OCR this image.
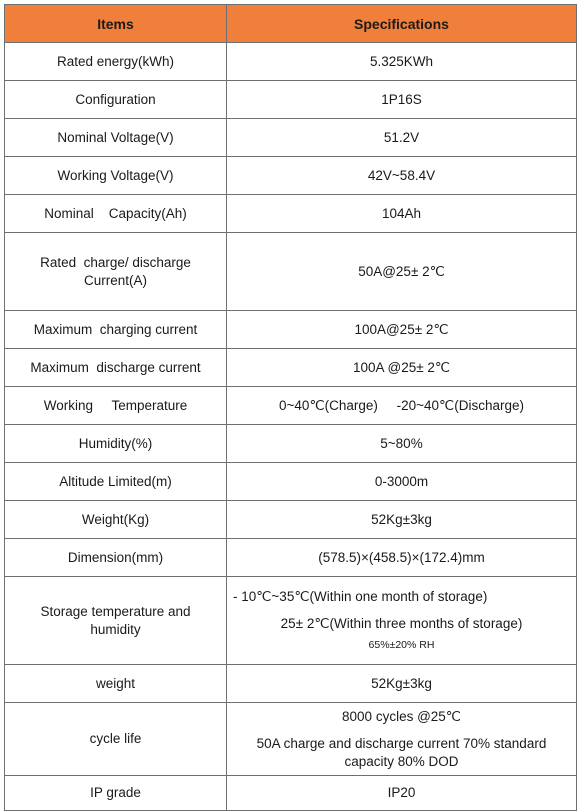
Items	Specifications
Rated energy(kWh)	5.325KWh
Configuration	1P16S
Nominal Voltage(V)	51.2V
Working Voltage(V)	42V~58.4V
Nominal    Capacity(Ah)	104Ah
Rated  charge/ discharge Current(A)	50A@25± 2℃
Maximum  charging current	100A@25± 2℃
Maximum  discharge current	100A @25± 2℃
Working     Temperature	0~40℃(Charge)     -20~40℃(Discharge)
Humidity(%)	5~80%
Altitude Limited(m)	0-3000m
Weight(Kg)	52Kg±3kg
Dimension(mm)	(578.5)×(458.5)×(172.4)mm
Storage temperature and humidity	- 10℃~35℃(Within one month of storage)
25± 2℃(Within three months of storage)
65%±20% RH

weight	52Kg±3kg
cycle life	8000 cycles @25℃
50A charge and discharge current 70% standard capacity 80% DOD

IP grade	IP20
